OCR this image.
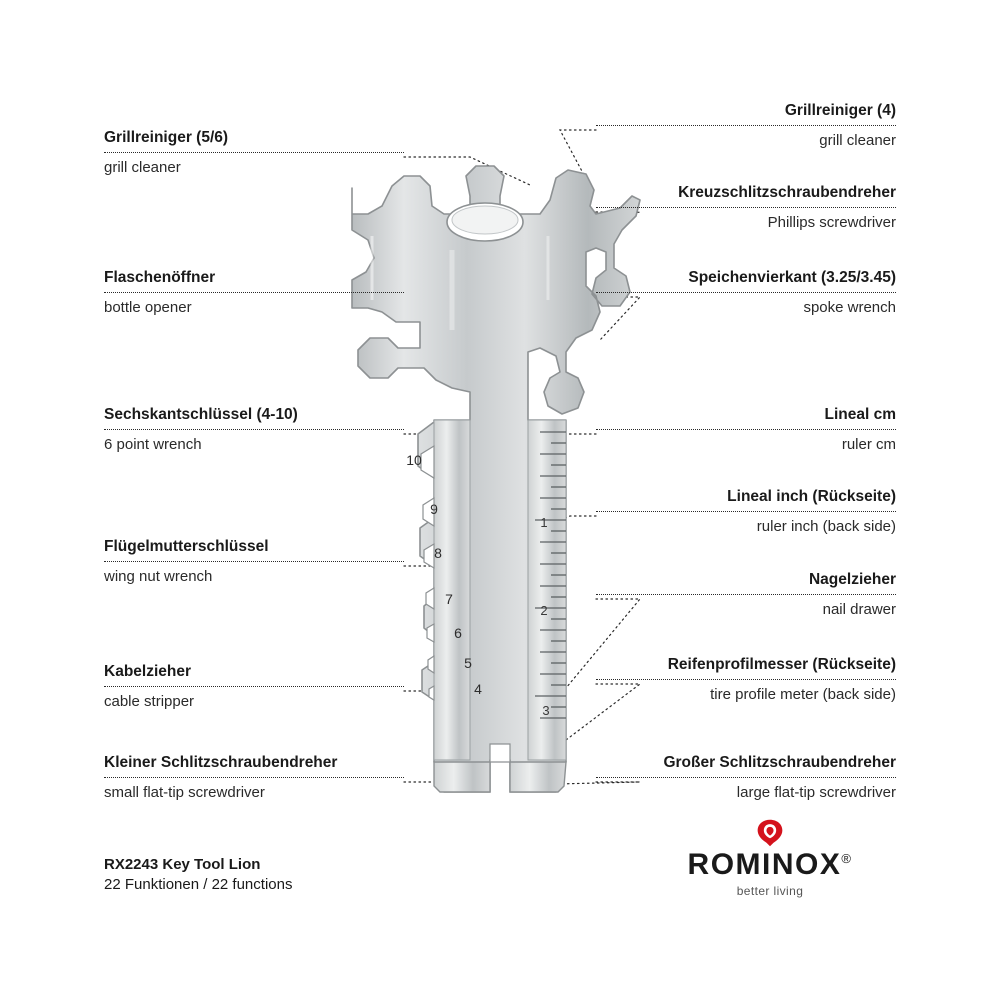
10
9
8
7
6
5
4
1
2
3
Grillreiniger (5/6)
grill cleaner
Flaschenöffner
bottle opener
Sechskantschlüssel (4-10)
6 point wrench
Flügelmutterschlüssel
wing nut wrench
Kabelzieher
cable stripper
Kleiner Schlitzschraubendreher
small flat-tip screwdriver
Grillreiniger (4)
grill cleaner
Kreuzschlitzschraubendreher
Phillips screwdriver
Speichenvierkant (3.25/3.45)
spoke wrench
Lineal cm
ruler cm
Lineal inch (Rückseite)
ruler inch (back side)
Nagelzieher
nail drawer
Reifenprofilmesser (Rückseite)
tire profile meter (back side)
Großer Schlitzschraubendreher
large flat-tip screwdriver
RX2243 Key Tool Lion
22 Funktionen / 22 functions
ROMINOX®
better living
